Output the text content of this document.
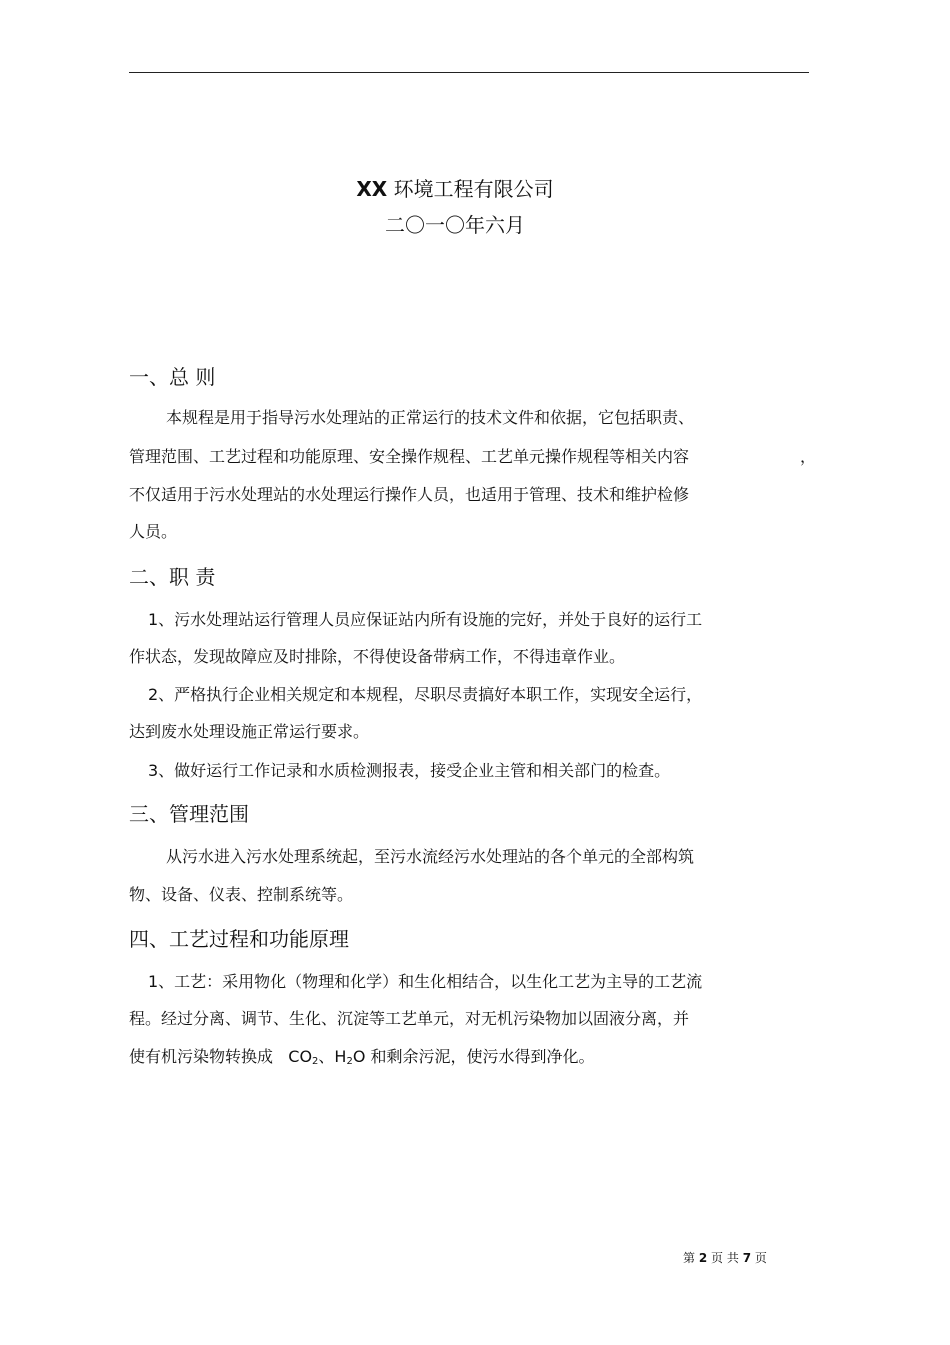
XX 环境工程有限公司
二〇一〇年六月
一、总 则
本规程是用于指导污水处理站的正常运行的技术文件和依据，它包括职责、
管理范围、工艺过程和功能原理、安全操作规程、工艺单元操作规程等相关内容	，
不仅适用于污水处理站的水处理运行操作人员，也适用于管理、技术和维护检修
人员。
二、职 责
1、污水处理站运行管理人员应保证站内所有设施的完好，并处于良好的运行工
作状态，发现故障应及时排除，不得使设备带病工作，不得违章作业。
2、严格执行企业相关规定和本规程，尽职尽责搞好本职工作，实现安全运行，
达到废水处理设施正常运行要求。
3、做好运行工作记录和水质检测报表，接受企业主管和相关部门的检查。
三、管理范围
从污水进入污水处理系统起，至污水流经污水处理站的各个单元的全部构筑
物、设备、仪表、控制系统等。
四、工艺过程和功能原理
1、工艺：采用物化（物理和化学）和生化相结合，以生化工艺为主导的工艺流
程。经过分离、调节、生化、沉淀等工艺单元，对无机污染物加以固液分离，并
使有机污染物转换成 $CO_2$、$H_2O$ 和剩余污泥，使污水得到净化。
第 2 页 共 7 页
